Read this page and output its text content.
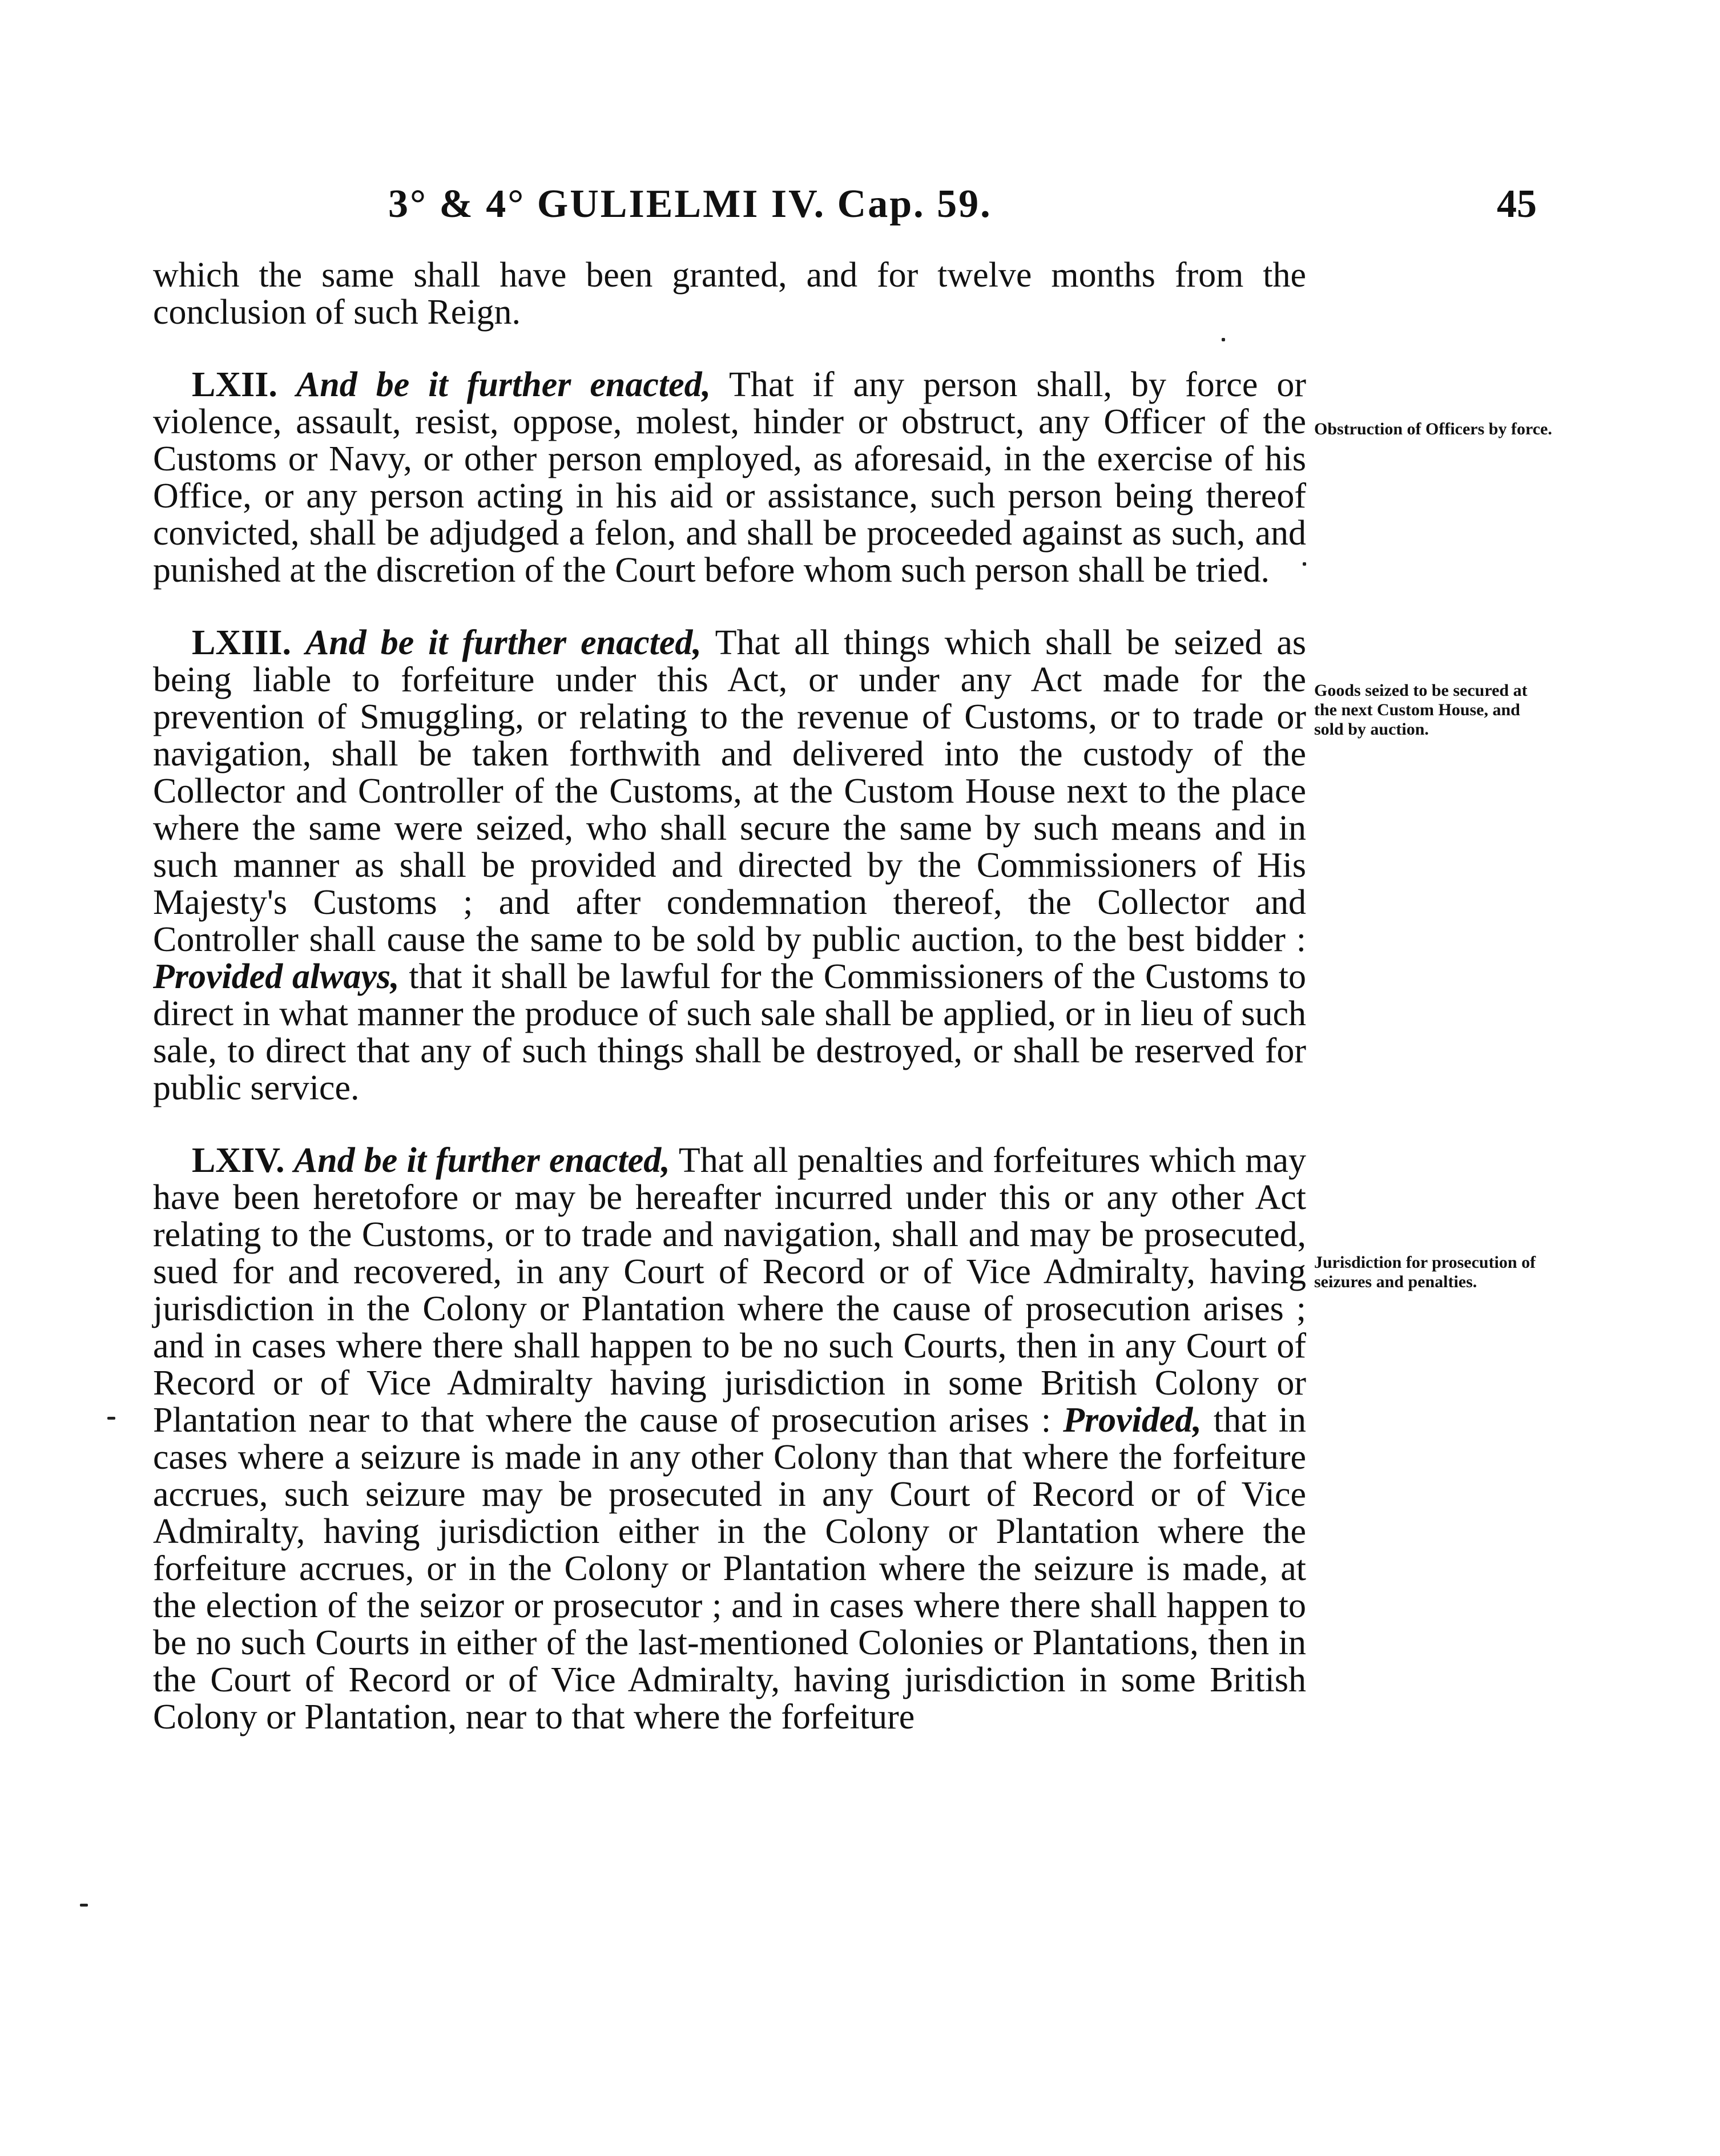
3° & 4° GULIELMI IV. Cap. 59.	45

which the same shall have been granted, and for twelve months from the conclusion of such Reign.

LXII. And be it further enacted, That if any person shall, by force or violence, assault, resist, oppose, molest, hinder or obstruct, any Officer of the Customs or Navy, or other person employed, as aforesaid, in the exercise of his Office, or any person acting in his aid or assistance, such person being thereof convicted, shall be adjudged a felon, and shall be proceeded against as such, and punished at the discretion of the Court before whom such person shall be tried.

LXIII. And be it further enacted, That all things which shall be seized as being liable to forfeiture under this Act, or under any Act made for the prevention of Smuggling, or relating to the revenue of Customs, or to trade or navigation, shall be taken forthwith and delivered into the custody of the Collector and Controller of the Customs, at the Custom House next to the place where the same were seized, who shall secure the same by such means and in such manner as shall be provided and directed by the Commissioners of His Majesty's Customs ; and after condemnation thereof, the Collector and Controller shall cause the same to be sold by public auction, to the best bidder : Provided always, that it shall be lawful for the Commissioners of the Customs to direct in what manner the produce of such sale shall be applied, or in lieu of such sale, to direct that any of such things shall be destroyed, or shall be reserved for public service.

LXIV. And be it further enacted, That all penalties and forfeitures which may have been heretofore or may be hereafter incurred under this or any other Act relating to the Customs, or to trade and navigation, shall and may be prosecuted, sued for and recovered, in any Court of Record or of Vice Admiralty, having jurisdiction in the Colony or Plantation where the cause of prosecution arises ; and in cases where there shall happen to be no such Courts, then in any Court of Record or of Vice Admiralty having jurisdiction in some British Colony or Plantation near to that where the cause of prosecution arises : Provided, that in cases where a seizure is made in any other Colony than that where the forfeiture accrues, such seizure may be prosecuted in any Court of Record or of Vice Admiralty, having jurisdiction either in the Colony or Plantation where the forfeiture accrues, or in the Colony or Plantation where the seizure is made, at the election of the seizor or prosecutor ; and in cases where there shall happen to be no such Courts in either of the last-mentioned Colonies or Plantations, then in the Court of Record or of Vice Admiralty, having jurisdiction in some British Colony or Plantation, near to that where the forfeiture

Obstruction of Officers by force.
Goods seized to be secured at the next Custom House, and sold by auction.
Jurisdiction for prosecution of seizures and penalties.
